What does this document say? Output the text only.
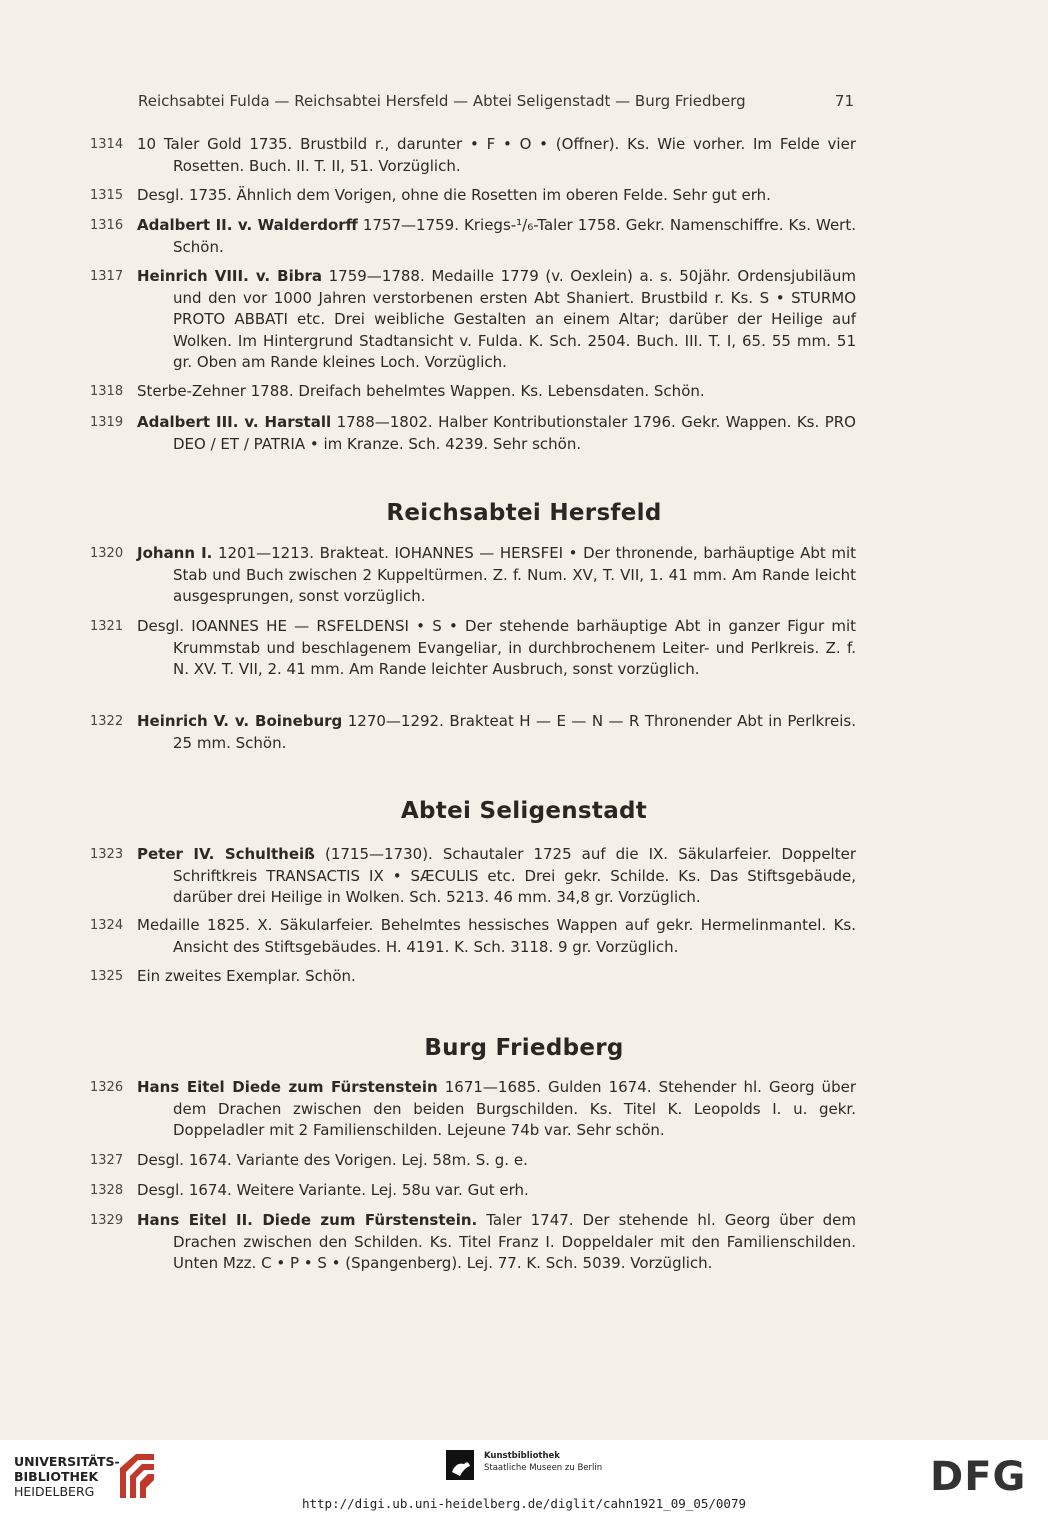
Reichsabtei Fulda — Reichsabtei Hersfeld — Abtei Seligenstadt — Burg Friedberg	71
1314 10 Taler Gold 1735. Brustbild r., darunter • F • O • (Offner). Ks. Wie vorher. Im Felde vier Rosetten. Buch. II. T. II, 51. Vorzüglich.
1315 Desgl. 1735. Ähnlich dem Vorigen, ohne die Rosetten im oberen Felde. Sehr gut erh.
1316 Adalbert II. v. Walderdorff 1757—1759. Kriegs-¹/₆-Taler 1758. Gekr. Namenschiffre. Ks. Wert. Schön.
1317 Heinrich VIII. v. Bibra 1759—1788. Medaille 1779 (v. Oexlein) a. s. 50jähr. Ordensjubiläum und den vor 1000 Jahren verstorbenen ersten Abt Shaniert. Brustbild r. Ks. S • STURMO PROTO ABBATI etc. Drei weibliche Gestalten an einem Altar; darüber der Heilige auf Wolken. Im Hintergrund Stadtansicht v. Fulda. K. Sch. 2504. Buch. III. T. I, 65. 55 mm. 51 gr. Oben am Rande kleines Loch. Vorzüglich.
1318 Sterbe-Zehner 1788. Dreifach behelmtes Wappen. Ks. Lebensdaten. Schön.
1319 Adalbert III. v. Harstall 1788—1802. Halber Kontributionstaler 1796. Gekr. Wappen. Ks. PRO DEO / ET / PATRIA • im Kranze. Sch. 4239. Sehr schön.
Reichsabtei Hersfeld
1320 Johann I. 1201—1213. Brakteat. IOHANNES — HERSFEI • Der thronende, barhäuptige Abt mit Stab und Buch zwischen 2 Kuppeltürmen. Z. f. Num. XV, T. VII, 1. 41 mm. Am Rande leicht ausgesprungen, sonst vorzüglich.
1321 Desgl. IOANNES HE — RSFELDENSI • S • Der stehende barhäuptige Abt in ganzer Figur mit Krummstab und beschlagenem Evangeliar, in durchbrochenem Leiter- und Perlkreis. Z. f. N. XV. T. VII, 2. 41 mm. Am Rande leichter Ausbruch, sonst vorzüglich.
1322 Heinrich V. v. Boineburg 1270—1292. Brakteat H — E — N — R Thronender Abt in Perlkreis. 25 mm. Schön.
Abtei Seligenstadt
1323 Peter IV. Schultheiß (1715—1730). Schautaler 1725 auf die IX. Säkularfeier. Doppelter Schriftkreis TRANSACTIS IX • SÆCULIS etc. Drei gekr. Schilde. Ks. Das Stiftsgebäude, darüber drei Heilige in Wolken. Sch. 5213. 46 mm. 34,8 gr. Vorzüglich.
1324 Medaille 1825. X. Säkularfeier. Behelmtes hessisches Wappen auf gekr. Hermelinmantel. Ks. Ansicht des Stiftsgebäudes. H. 4191. K. Sch. 3118. 9 gr. Vorzüglich.
1325 Ein zweites Exemplar. Schön.
Burg Friedberg
1326 Hans Eitel Diede zum Fürstenstein 1671—1685. Gulden 1674. Stehender hl. Georg über dem Drachen zwischen den beiden Burgschilden. Ks. Titel K. Leopolds I. u. gekr. Doppeladler mit 2 Familienschilden. Lejeune 74b var. Sehr schön.
1327 Desgl. 1674. Variante des Vorigen. Lej. 58m. S. g. e.
1328 Desgl. 1674. Weitere Variante. Lej. 58u var. Gut erh.
1329 Hans Eitel II. Diede zum Fürstenstein. Taler 1747. Der stehende hl. Georg über dem Drachen zwischen den Schilden. Ks. Titel Franz I. Doppeldaler mit den Familienschilden. Unten Mzz. C • P • S • (Spangenberg). Lej. 77. K. Sch. 5039. Vorzüglich.
UNIVERSITÄTS-
BIBLIOTHEK
HEIDELBERG
Kunstbibliothek
Staatliche Museen zu Berlin	DFG
http://digi.ub.uni-heidelberg.de/diglit/cahn1921_09_05/0079
